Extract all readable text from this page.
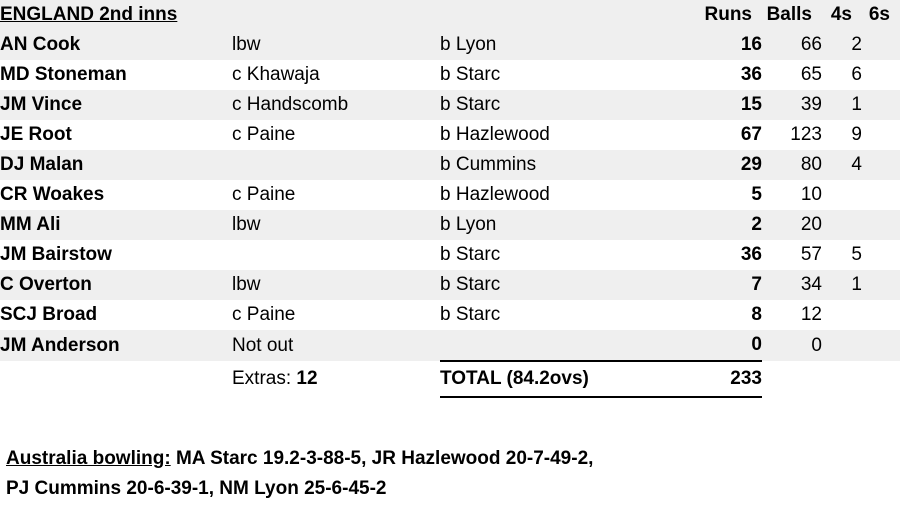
ENGLAND 2nd inns			Runs	Balls	4s	6s
AN Cook	lbw	b Lyon	16	66	2	
MD Stoneman	c Khawaja	b Starc	36	65	6	
JM Vince	c Handscomb	b Starc	15	39	1	
JE Root	c Paine	b Hazlewood	67	123	9	
DJ Malan		b Cummins	29	80	4	
CR Woakes	c Paine	b Hazlewood	5	10		
MM Ali	lbw	b Lyon	2	20		
JM Bairstow		b Starc	36	57	5	
C Overton	lbw	b Starc	7	34	1	
SCJ Broad	c Paine	b Starc	8	12		
JM Anderson	Not out		0	0		
	Extras: 12	TOTAL (84.2ovs)	233			
Australia bowling: MA Starc 19.2-3-88-5, JR Hazlewood 20-7-49-2,
PJ Cummins 20-6-39-1, NM Lyon 25-6-45-2
